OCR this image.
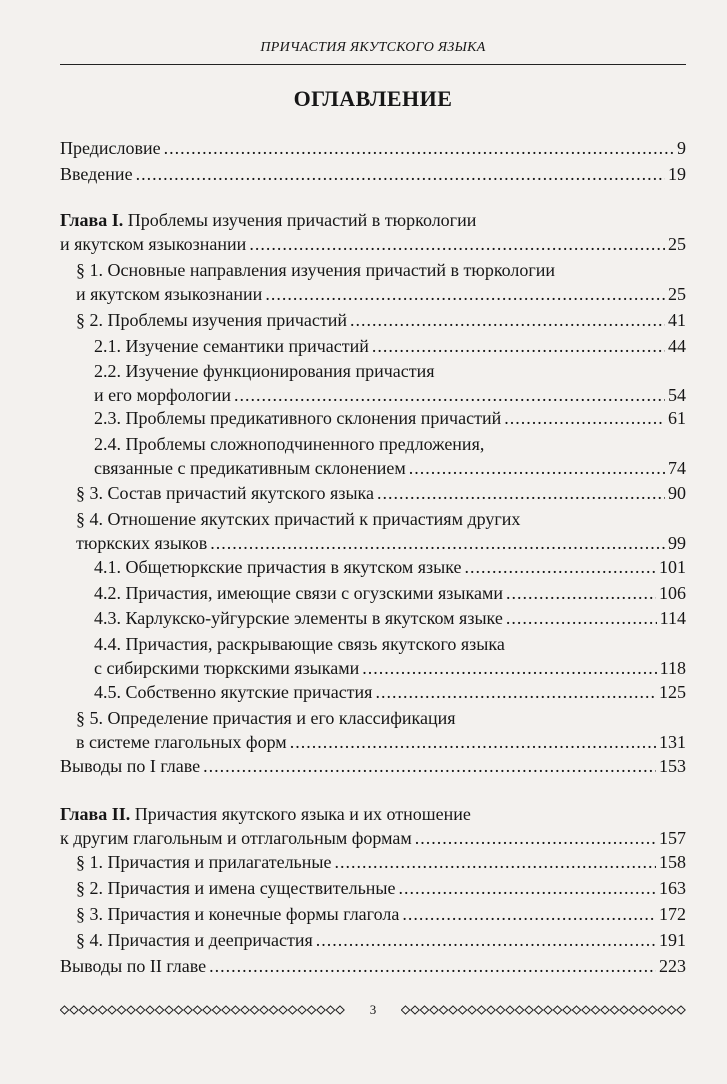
ПРИЧАСТИЯ ЯКУТСКОГО ЯЗЫКА
ОГЛАВЛЕНИЕ
Предисловие .....	9
Введение .....	19
Глава I. Проблемы изучения причастий в тюркологии
и якутском языкознании .....	25
§ 1. Основные направления изучения причастий в тюркологии
и якутском языкознании .....	25
§ 2. Проблемы изучения причастий .....	41
2.1. Изучение семантики причастий .....	44
2.2. Изучение функционирования причастия
и его морфологии .....	54
2.3. Проблемы предикативного склонения причастий .....	61
2.4. Проблемы сложноподчиненного предложения,
связанные с предикативным склонением .....	74
§ 3. Состав причастий якутского языка .....	90
§ 4. Отношение якутских причастий к причастиям других
тюркских языков .....	99
4.1. Общетюркские причастия в якутском языке .....	101
4.2. Причастия, имеющие связи с огузскими языками .....	106
4.3. Карлукско-уйгурские элементы в якутском языке .....	114
4.4. Причастия, раскрывающие связь якутского языка
с сибирскими тюркскими языками .....	118
4.5. Собственно якутские причастия .....	125
§ 5. Определение причастия и его классификация
в системе глагольных форм .....	131
Выводы по I главе .....	153
Глава II. Причастия якутского языка и их отношение
к другим глагольным и отглагольным формам .....	157
§ 1. Причастия и прилагательные .....	158
§ 2. Причастия и имена существительные .....	163
§ 3. Причастия и конечные формы глагола .....	172
§ 4. Причастия и деепричастия .....	191
Выводы по II главе .....	223
3
